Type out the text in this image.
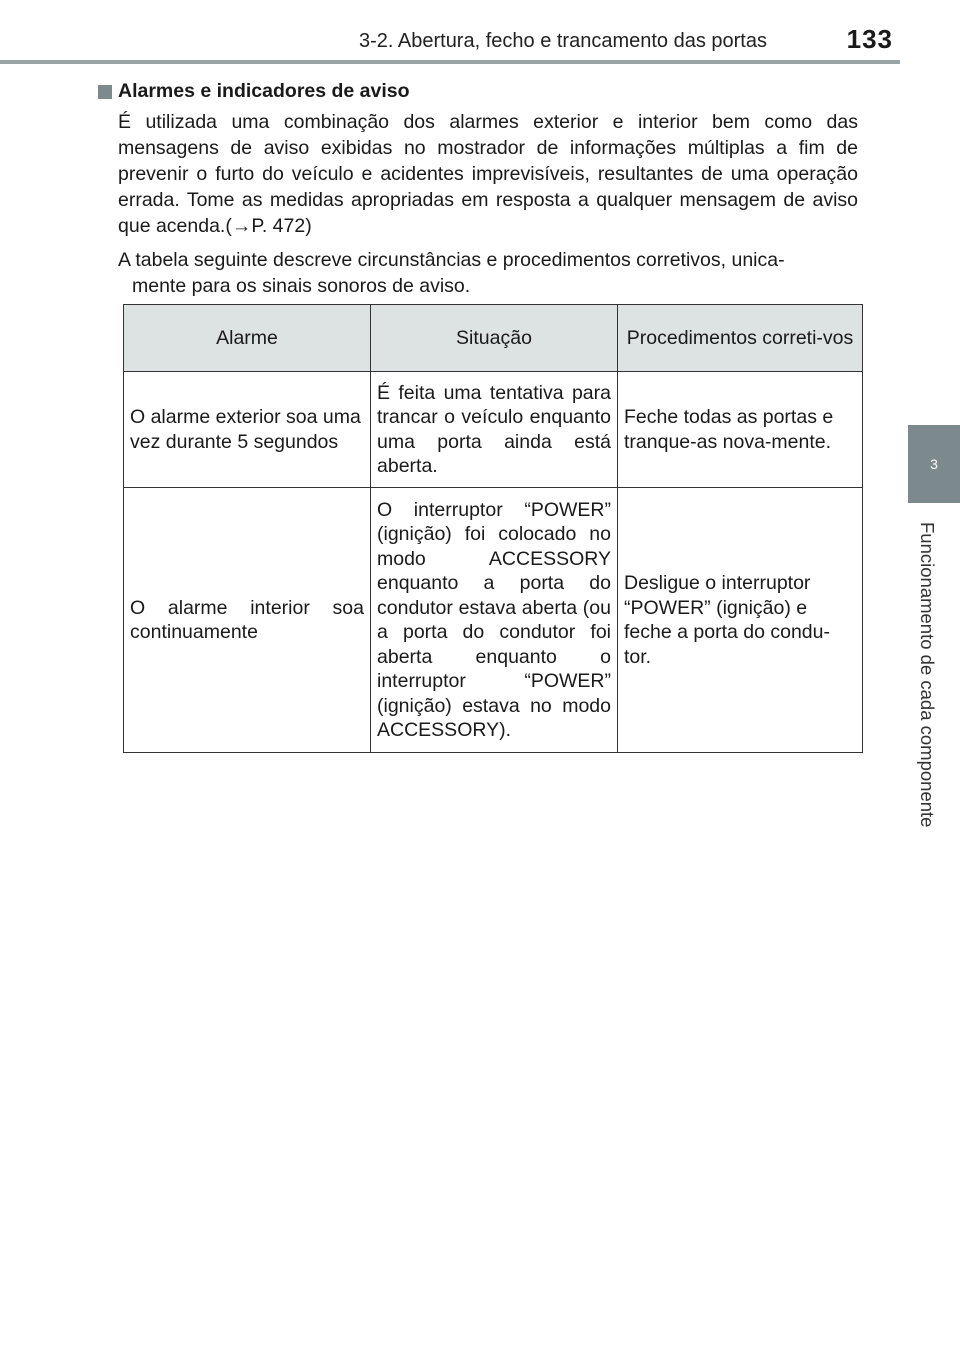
3-2. Abertura, fecho e trancamento das portas	133
3
Funcionamento de cada componente
Alarmes e indicadores de aviso

É utilizada uma combinação dos alarmes exterior e interior bem como das mensagens de aviso exibidas no mostrador de informações múltiplas a fim de prevenir o furto do veículo e acidentes imprevisíveis, resultantes de uma operação errada. Tome as medidas apropriadas em resposta a qualquer mensagem de aviso que acenda.(→P. 472)

A tabela seguinte descreve circunstâncias e procedimentos corretivos, unica-
mente para os sinais sonoros de aviso.

Alarme	Situação	Procedimentos correti-vos
O alarme exterior soa uma vez durante 5 segundos	É feita uma tentativa para trancar o veículo enquanto uma porta ainda está aberta.	Feche todas as portas e tranque-as nova-mente.
O alarme interior soa continuamente	O interruptor “POWER” (ignição) foi colocado no modo ACCESSORY enquanto a porta do condutor estava aberta (ou a porta do condutor foi aberta enquanto o interruptor “POWER” (ignição) estava no modo ACCESSORY).	Desligue o interruptor “POWER” (ignição) e feche a porta do condu-tor.
